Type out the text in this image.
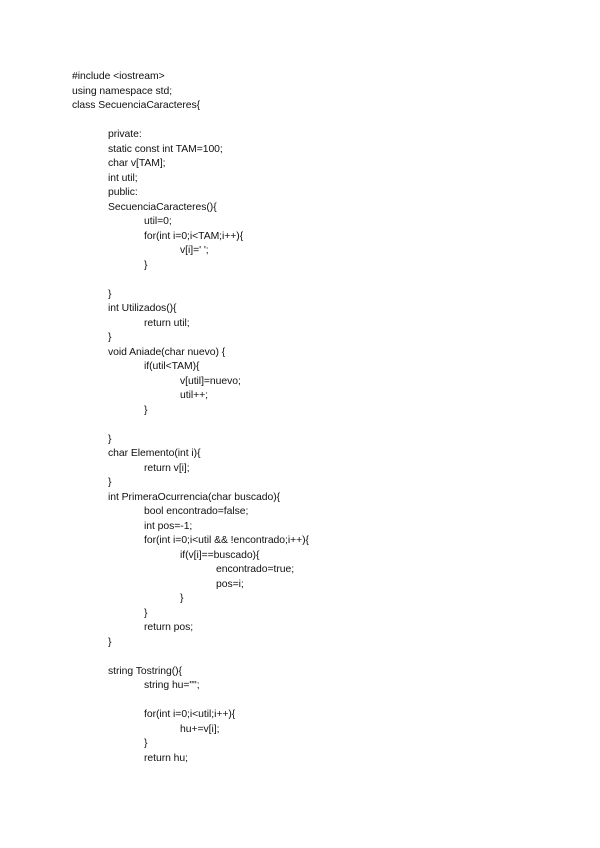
#include <iostream>
using namespace std;
class SecuenciaCaracteres{
private:
static const int TAM=100;
char v[TAM];
int util;
public:
SecuenciaCaracteres(){
util=0;
for(int i=0;i<TAM;i++){
v[i]=' ';
}
}
int Utilizados(){
return util;
}
void Aniade(char nuevo) {
if(util<TAM){
v[util]=nuevo;
util++;
}
}
char Elemento(int i){
return v[i];
}
int PrimeraOcurrencia(char buscado){
bool encontrado=false;
int pos=-1;
for(int i=0;i<util && !encontrado;i++){
if(v[i]==buscado){
encontrado=true;
pos=i;
}
}
return pos;
}
string Tostring(){
string hu="";
for(int i=0;i<util;i++){
hu+=v[i];
}
return hu;
